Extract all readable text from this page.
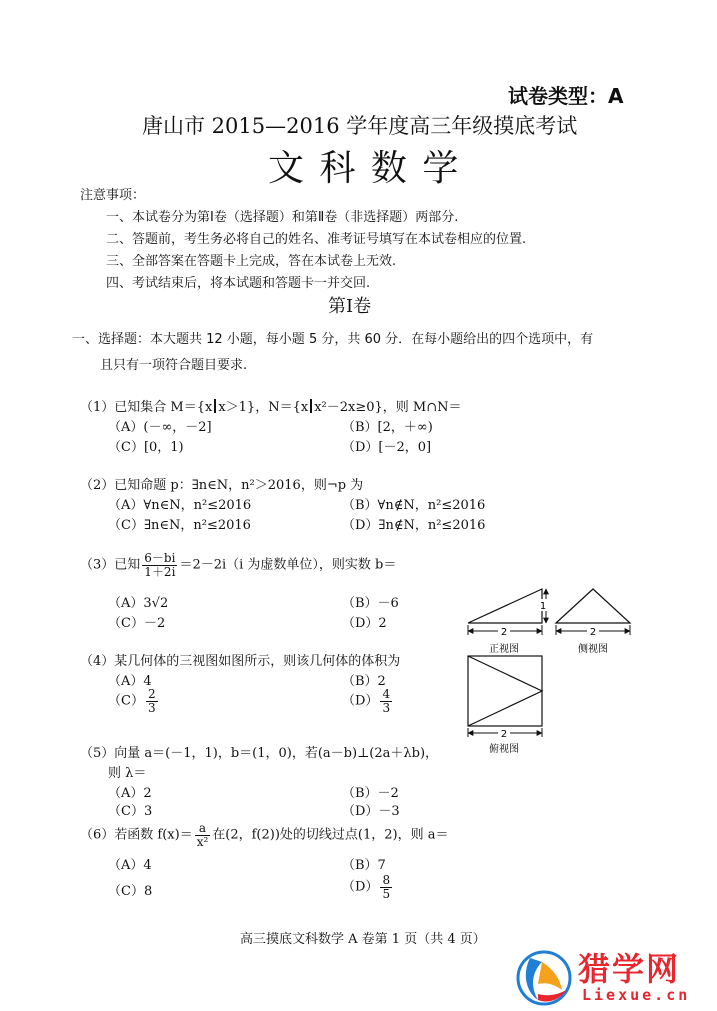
试卷类型：A
唐山市 2015—2016 学年度高三年级摸底考试
文 科 数 学
注意事项：
一、本试卷分为第Ⅰ卷（选择题）和第Ⅱ卷（非选择题）两部分.
二、答题前，考生务必将自己的姓名、准考证号填写在本试卷相应的位置.
三、全部答案在答题卡上完成，答在本试卷上无效.
四、考试结束后，将本试题和答题卡一并交回.
第Ⅰ卷
一、选择题：本大题共 12 小题，每小题 5 分，共 60 分．在每小题给出的四个选项中，有
且只有一项符合题目要求.
（1）已知集合 M＝{x x＞1}，N＝{x x²－2x≥0}，则 M∩N＝
（A）(－∞，－2]	（B）[2，＋∞)
（C）[0，1)	（D）[－2，0]
（2）已知命题 p：∃n∈N，n²＞2016，则¬p 为
（A）∀n∈N，n²≤2016	（B）∀n∉N，n²≤2016
（C）∃n∈N，n²≤2016	（D）∃n∉N，n²≤2016
（3）已知 $\frac{6-bi}{1+2i} =2-2i(i$ 为虚数单位），则实数 b＝
（A）3√2	（B）－6
（C）－2	（D）2
（4）某几何体的三视图如图所示，则该几何体的体积为
（A）4	（B）2
$(C) \frac{2}{3}$	$(D) \frac{4}{3}$
（5）向量 a＝(－1，1)，b＝(1，0)，若(a－b)⊥(2a＋λb)，
则 λ＝
（A）2	（B）－2
（C）3	（D）－3
（6）若函数 $f(x)= \frac{a}{\text{x²}}$ 在(2，f(2))处的切线过点(1，2)，则 a＝
（A）4	（B）7
（C）8	$(D) \frac{8}{5}$
2
1
正视图
2
侧视图
2
俯视图
高三摸底文科数学 A 卷第 1 页（共 4 页）
猎学网
Liexue.cn
